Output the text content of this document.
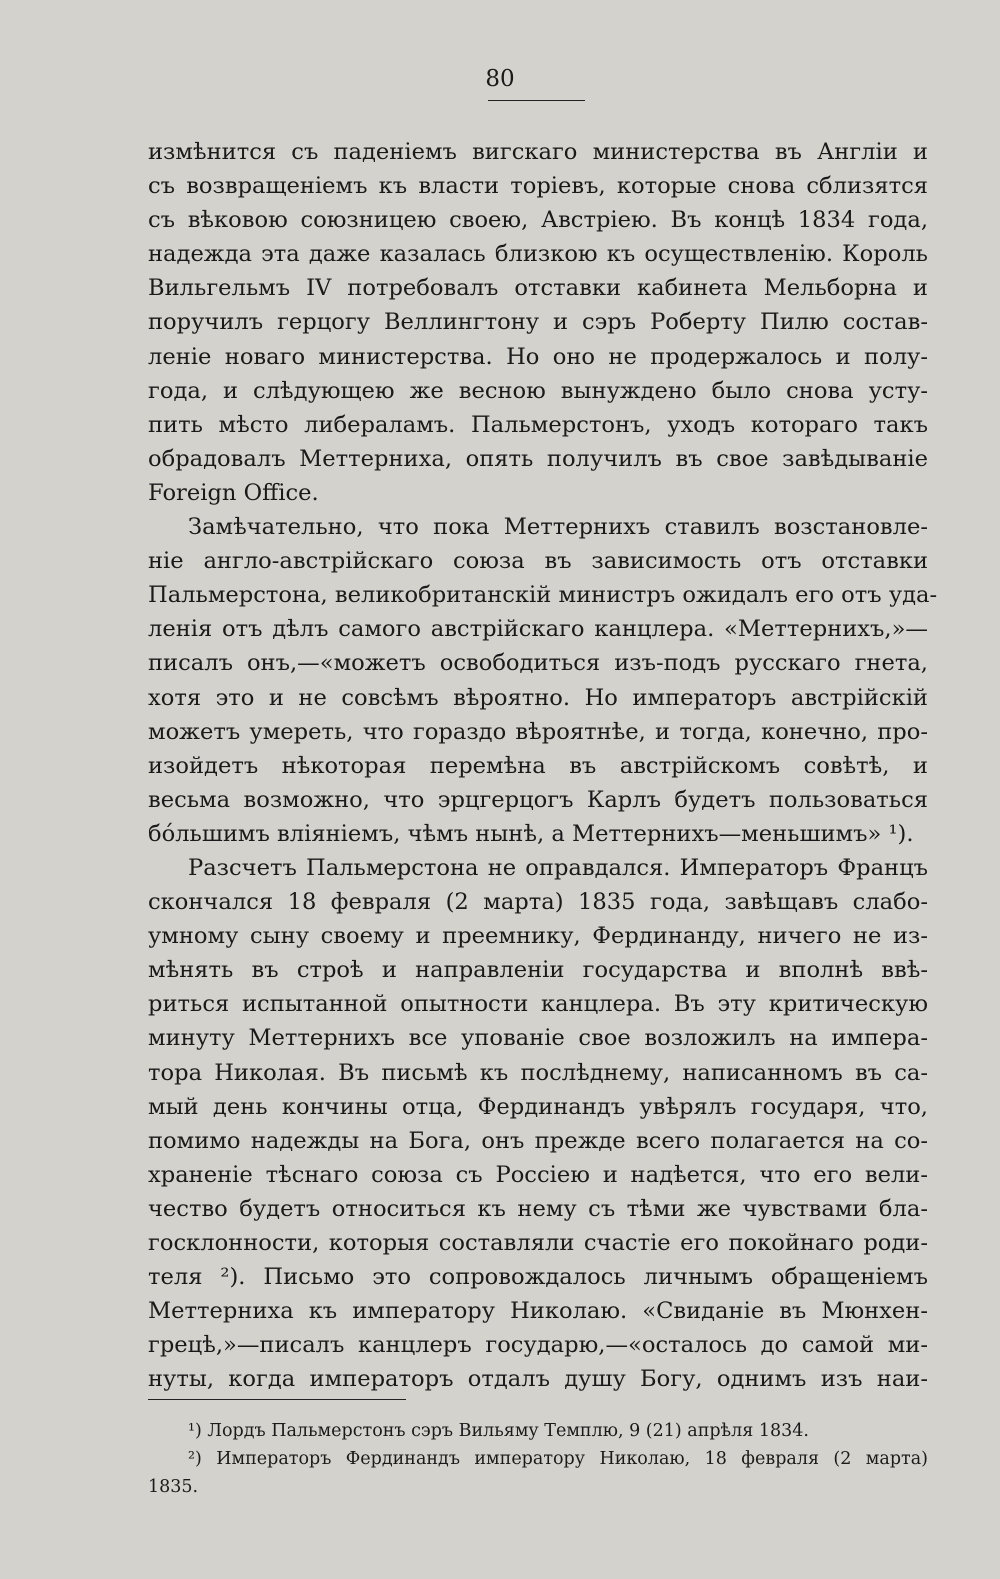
80
измѣнится съ паденіемъ вигскаго министерства въ Англіи и
съ возвращеніемъ къ власти торіевъ, которые снова сблизятся
съ вѣковою союзницею своею, Австріею. Въ концѣ 1834 года,
надежда эта даже казалась близкою къ осуществленію. Король
Вильгельмъ IV потребовалъ отставки кабинета Мельборна и
поручилъ герцогу Веллингтону и сэръ Роберту Пилю состав-
леніе новаго министерства. Но оно не продержалось и полу-
года, и слѣдующею же весною вынуждено было снова усту-
пить мѣсто либераламъ. Пальмерстонъ, уходъ котораго такъ
обрадовалъ Меттерниха, опять получилъ въ свое завѣдываніе
Foreign Office.
Замѣчательно, что пока Меттернихъ ставилъ возстановле-
ніе англо-австрійскаго союза въ зависимость отъ отставки
Пальмерстона, великобританскій министръ ожидалъ его отъ уда-
ленія отъ дѣлъ самого австрійскаго канцлера. «Меттернихъ,»—
писалъ онъ,—«можетъ освободиться изъ-подъ русскаго гнета,
хотя это и не совсѣмъ вѣроятно. Но императоръ австрійскій
можетъ умереть, что гораздо вѣроятнѣе, и тогда, конечно, про-
изойдетъ нѣкоторая перемѣна въ австрійскомъ совѣтѣ, и
весьма возможно, что эрцгерцогъ Карлъ будетъ пользоваться
бо́льшимъ вліяніемъ, чѣмъ нынѣ, а Меттернихъ—меньшимъ» ¹).
Разсчетъ Пальмерстона не оправдался. Императоръ Францъ
скончался 18 февраля (2 марта) 1835 года, завѣщавъ слабо-
умному сыну своему и преемнику, Фердинанду, ничего не из-
мѣнять въ строѣ и направленіи государства и вполнѣ ввѣ-
риться испытанной опытности канцлера. Въ эту критическую
минуту Меттернихъ все упованіе свое возложилъ на импера-
тора Николая. Въ письмѣ къ послѣднему, написанномъ въ са-
мый день кончины отца, Фердинандъ увѣрялъ государя, что,
помимо надежды на Бога, онъ прежде всего полагается на со-
храненіе тѣснаго союза съ Россіею и надѣется, что его вели-
чество будетъ относиться къ нему съ тѣми же чувствами бла-
госклонности, которыя составляли счастіе его покойнаго роди-
теля ²). Письмо это сопровождалось личнымъ обращеніемъ
Меттерниха къ императору Николаю. «Свиданіе въ Мюнхен-
грецѣ,»—писалъ канцлеръ государю,—«осталось до самой ми-
нуты, когда императоръ отдалъ душу Богу, однимъ изъ наи-
¹) Лордъ Пальмерстонъ сэръ Вильяму Темплю, 9 (21) апрѣля 1834.
²) Императоръ Фердинандъ императору Николаю, 18 февраля (2 марта)
1835.
